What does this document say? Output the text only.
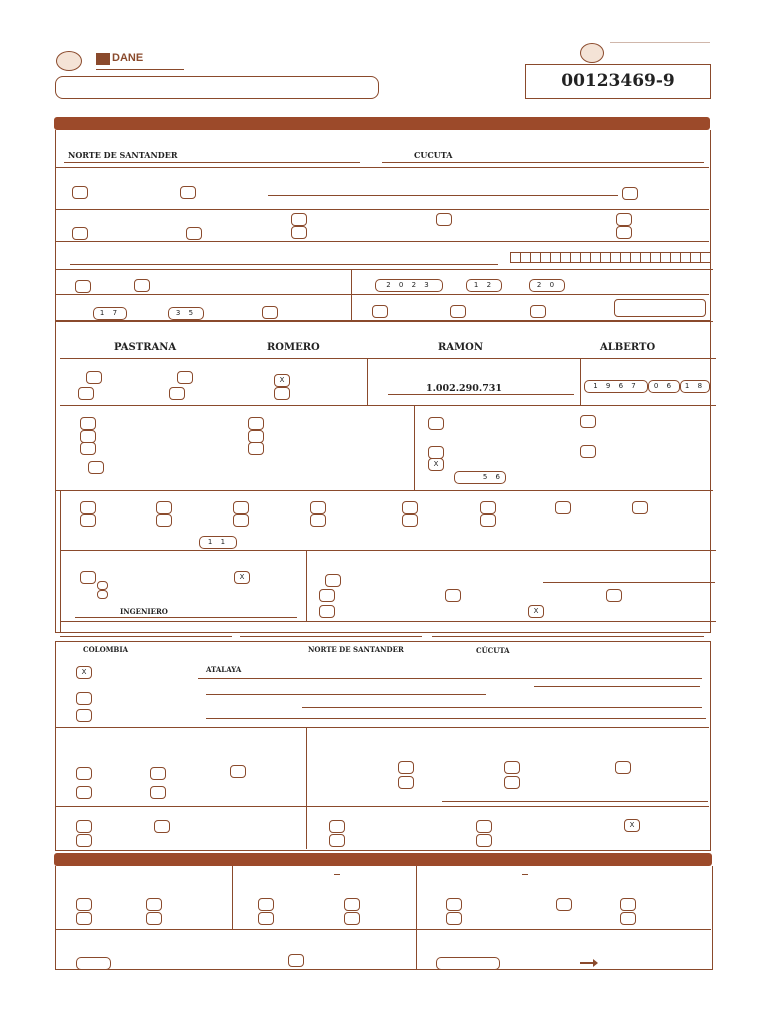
DANE
00123469-9
NORTE DE SANTANDER	CUCUTA
2 0 2 3	1 2	2 0
1 7	3 5
PASTRANA	ROMERO	RAMON	ALBERTO
X
1.002.290.731	1 9 6 7	0 6	1 8
X
5 6
1 1
X
INGENIERO	X
COLOMBIA	NORTE DE SANTANDER	CÚCUTA
X	ATALAYA
X
